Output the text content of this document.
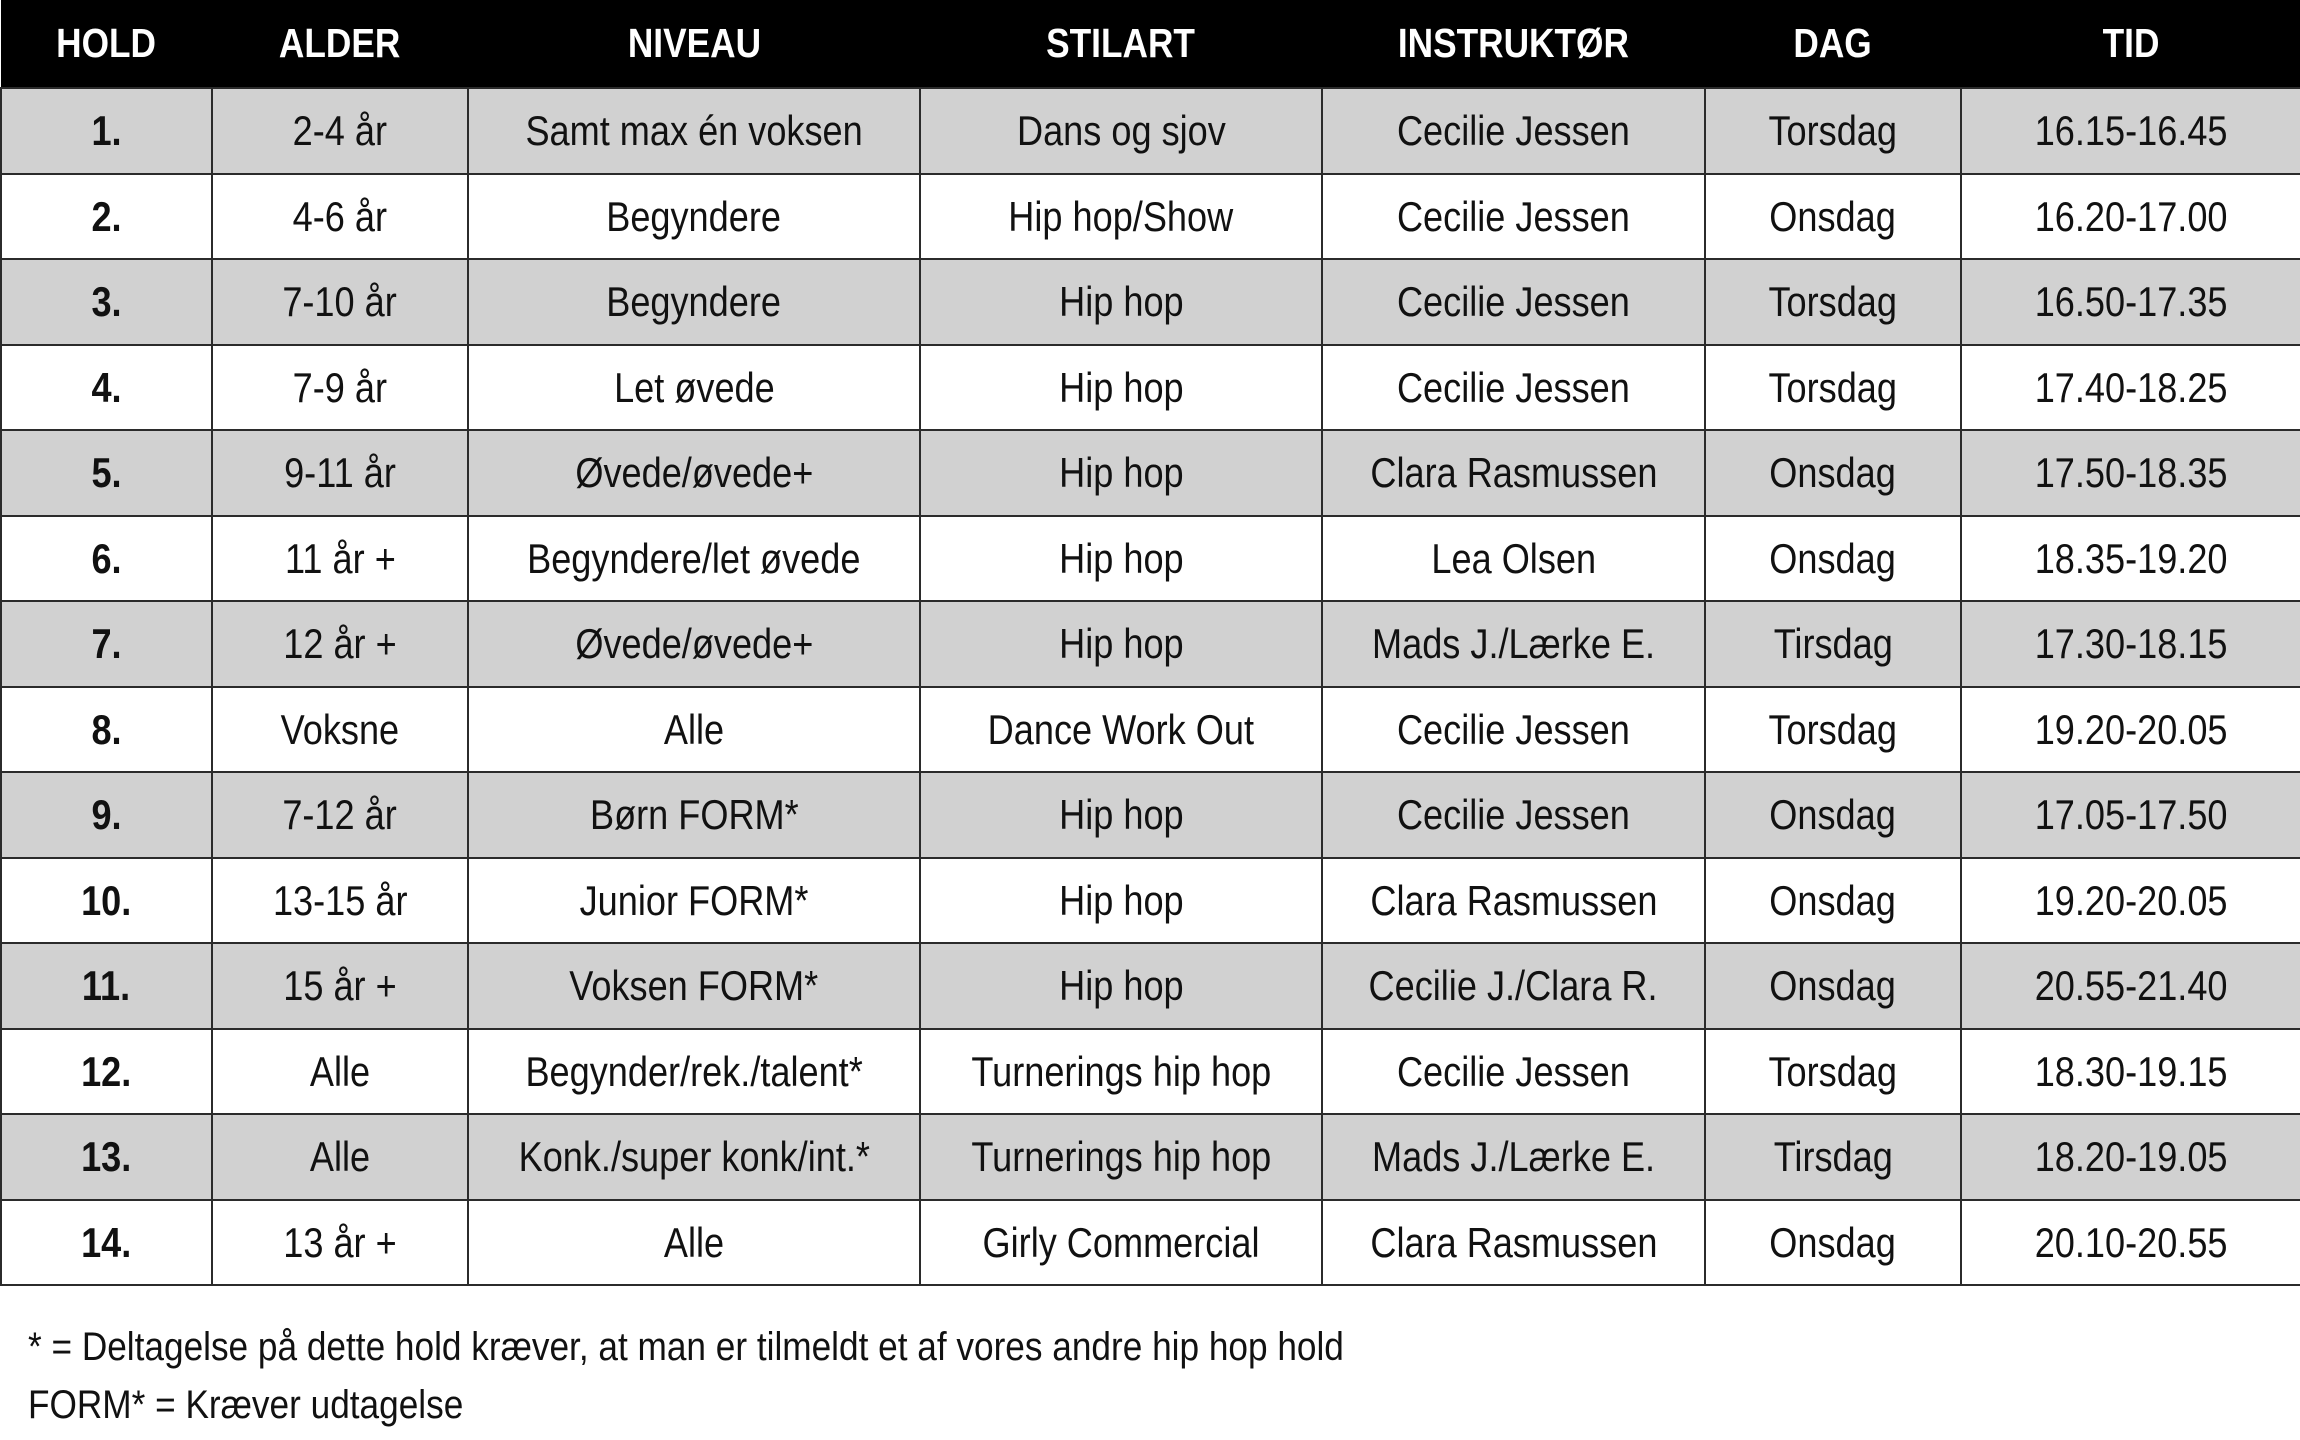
HOLD	ALDER	NIVEAU	STILART	INSTRUKTØR	DAG	TID
1.	2-4 år	Samt max én voksen	Dans og sjov	Cecilie Jessen	Torsdag	16.15-16.45
2.	4-6 år	Begyndere	Hip hop/Show	Cecilie Jessen	Onsdag	16.20-17.00
3.	7-10 år	Begyndere	Hip hop	Cecilie Jessen	Torsdag	16.50-17.35
4.	7-9 år	Let øvede	Hip hop	Cecilie Jessen	Torsdag	17.40-18.25
5.	9-11 år	Øvede/øvede+	Hip hop	Clara Rasmussen	Onsdag	17.50-18.35
6.	11 år +	Begyndere/let øvede	Hip hop	Lea Olsen	Onsdag	18.35-19.20
7.	12 år +	Øvede/øvede+	Hip hop	Mads J./Lærke E.	Tirsdag	17.30-18.15
8.	Voksne	Alle	Dance Work Out	Cecilie Jessen	Torsdag	19.20-20.05
9.	7-12 år	Børn FORM*	Hip hop	Cecilie Jessen	Onsdag	17.05-17.50
10.	13-15 år	Junior FORM*	Hip hop	Clara Rasmussen	Onsdag	19.20-20.05
11.	15 år +	Voksen FORM*	Hip hop	Cecilie J./Clara R.	Onsdag	20.55-21.40
12.	Alle	Begynder/rek./talent*	Turnerings hip hop	Cecilie Jessen	Torsdag	18.30-19.15
13.	Alle	Konk./super konk/int.*	Turnerings hip hop	Mads J./Lærke E.	Tirsdag	18.20-19.05
14.	13 år +	Alle	Girly Commercial	Clara Rasmussen	Onsdag	20.10-20.55
* = Deltagelse på dette hold kræver, at man er tilmeldt et af vores andre hip hop hold
FORM* = Kræver udtagelse
